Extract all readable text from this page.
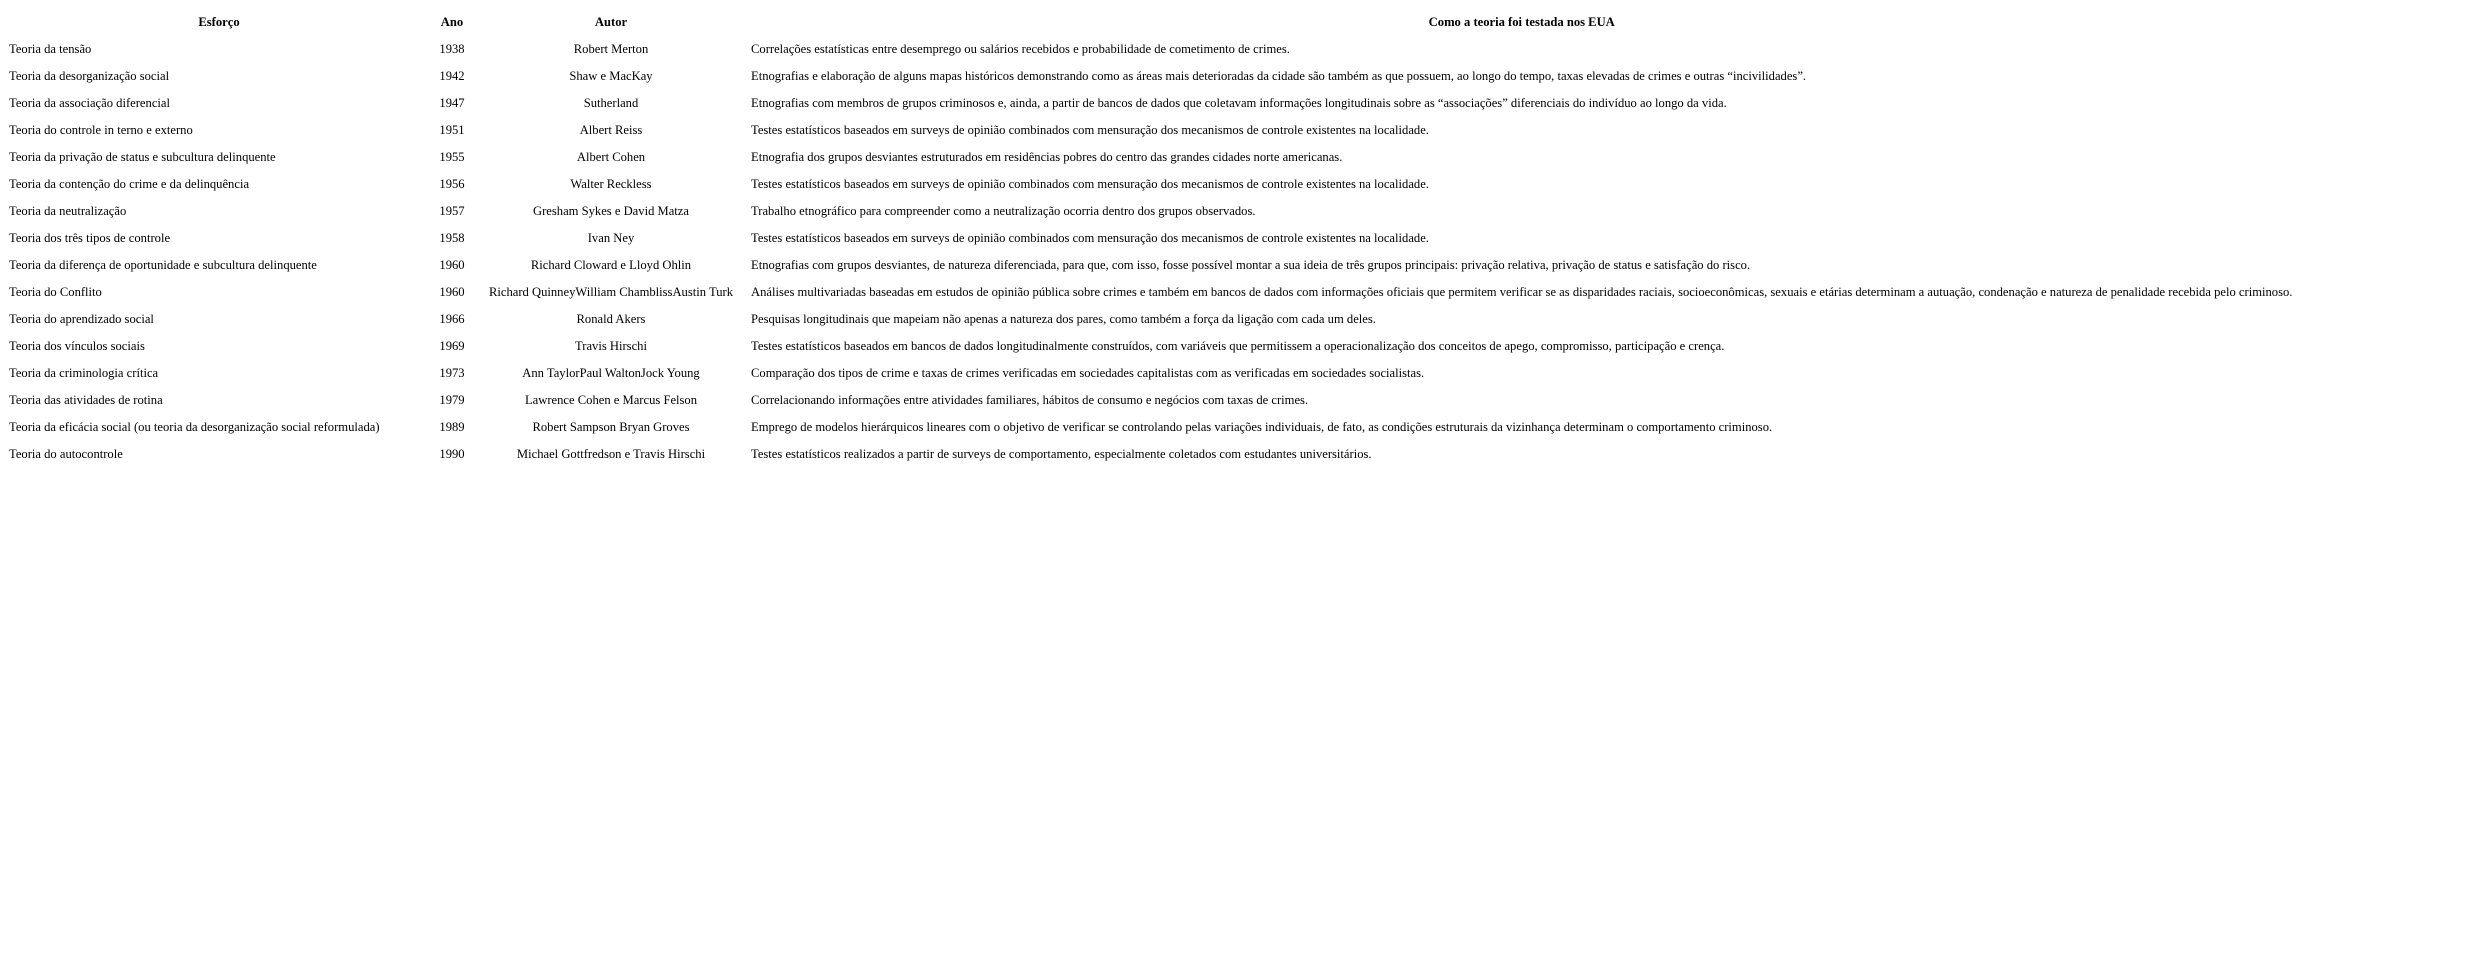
Esforço	Ano	Autor	Como a teoria foi testada nos EUA
Teoria da tensão	1938	Robert Merton	Correlações estatísticas entre desemprego ou salários recebidos e probabilidade de cometimento de crimes.
Teoria da desorganização social	1942	Shaw e MacKay	Etnografias e elaboração de alguns mapas históricos demonstrando como as áreas mais deterioradas da cidade são também as que possuem, ao longo do tempo, taxas elevadas de crimes e outras “incivilidades”.
Teoria da associação diferencial	1947	Sutherland	Etnografias com membros de grupos criminosos e, ainda, a partir de bancos de dados que coletavam informações longitudinais sobre as “associações” diferenciais do indivíduo ao longo da vida.
Teoria do controle in terno e externo	1951	Albert Reiss	Testes estatísticos baseados em surveys de opinião combinados com mensuração dos mecanismos de controle existentes na localidade.
Teoria da privação de status e subcultura delinquente	1955	Albert Cohen	Etnografia dos grupos desviantes estruturados em residências pobres do centro das grandes cidades norte americanas.
Teoria da contenção do crime e da delinquência	1956	Walter Reckless	Testes estatísticos baseados em surveys de opinião combinados com mensuração dos mecanismos de controle existentes na localidade.
Teoria da neutralização	1957	Gresham Sykes e David Matza	Trabalho etnográfico para compreender como a neutralização ocorria dentro dos grupos observados.
Teoria dos três tipos de controle	1958	Ivan Ney	Testes estatísticos baseados em surveys de opinião combinados com mensuração dos mecanismos de controle existentes na localidade.
Teoria da diferença de oportunidade e subcultura delinquente	1960	Richard Cloward e Lloyd Ohlin	Etnografias com grupos desviantes, de natureza diferenciada, para que, com isso, fosse possível montar a sua ideia de três grupos principais: privação relativa, privação de status e satisfação do risco.
Teoria do Conflito	1960	Richard QuinneyWilliam ChamblissAustin Turk	Análises multivariadas baseadas em estudos de opinião pública sobre crimes e também em bancos de dados com informações oficiais que permitem verificar se as disparidades raciais, socioeconômicas, sexuais e etárias determinam a autuação, condenação e natureza de penalidade recebida pelo criminoso.
Teoria do aprendizado social	1966	Ronald Akers	Pesquisas longitudinais que mapeiam não apenas a natureza dos pares, como também a força da ligação com cada um deles.
Teoria dos vínculos sociais	1969	Travis Hirschi	Testes estatísticos baseados em bancos de dados longitudinalmente construídos, com variáveis que permitissem a operacionalização dos conceitos de apego, compromisso, participação e crença.
Teoria da criminologia crítica	1973	Ann TaylorPaul WaltonJock Young	Comparação dos tipos de crime e taxas de crimes verificadas em sociedades capitalistas com as verificadas em sociedades socialistas.
Teoria das atividades de rotina	1979	Lawrence Cohen e Marcus Felson	Correlacionando informações entre atividades familiares, hábitos de consumo e negócios com taxas de crimes.
Teoria da eficácia social (ou teoria da desorganização social reformulada)	1989	Robert Sampson Bryan Groves	Emprego de modelos hierárquicos lineares com o objetivo de verificar se controlando pelas variações individuais, de fato, as condições estruturais da vizinhança determinam o comportamento criminoso.
Teoria do autocontrole	1990	Michael Gottfredson e Travis Hirschi	Testes estatísticos realizados a partir de surveys de comportamento, especialmente coletados com estudantes universitários.
